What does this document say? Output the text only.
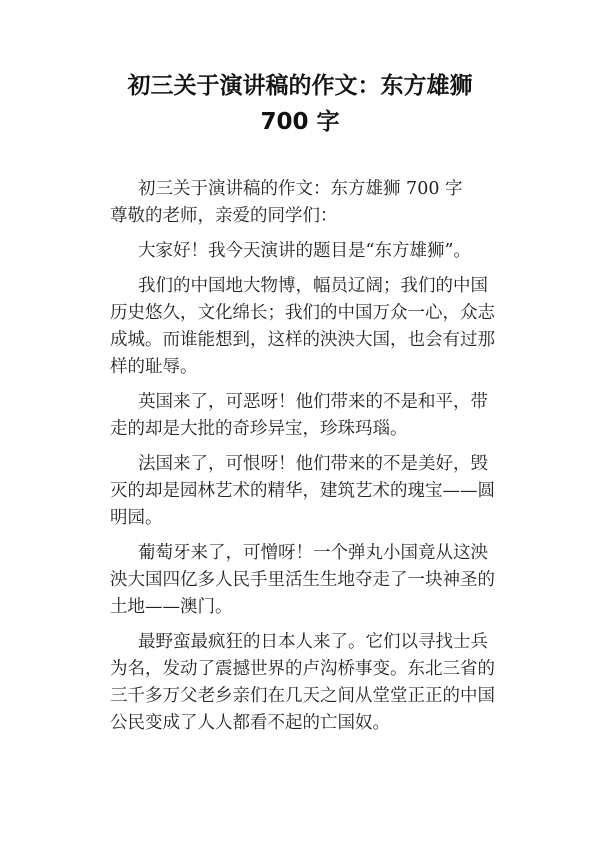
初三关于演讲稿的作文：东方雄狮
700 字
初三关于演讲稿的作文：东方雄狮 700 字
尊敬的老师，亲爱的同学们：
大家好！我今天演讲的题目是“东方雄狮”。
我们的中国地大物博，幅员辽阔；我们的中国
历史悠久，文化绵长；我们的中国万众一心，众志
成城。而谁能想到，这样的泱泱大国，也会有过那
样的耻辱。
英国来了，可恶呀！他们带来的不是和平，带
走的却是大批的奇珍异宝，珍珠玛瑙。
法国来了，可恨呀！他们带来的不是美好，毁
灭的却是园林艺术的精华，建筑艺术的瑰宝——圆
明园。
葡萄牙来了，可憎呀！一个弹丸小国竟从这泱
泱大国四亿多人民手里活生生地夺走了一块神圣的
土地——澳门。
最野蛮最疯狂的日本人来了。它们以寻找士兵
为名，发动了震撼世界的卢沟桥事变。东北三省的
三千多万父老乡亲们在几天之间从堂堂正正的中国
公民变成了人人都看不起的亡国奴。
